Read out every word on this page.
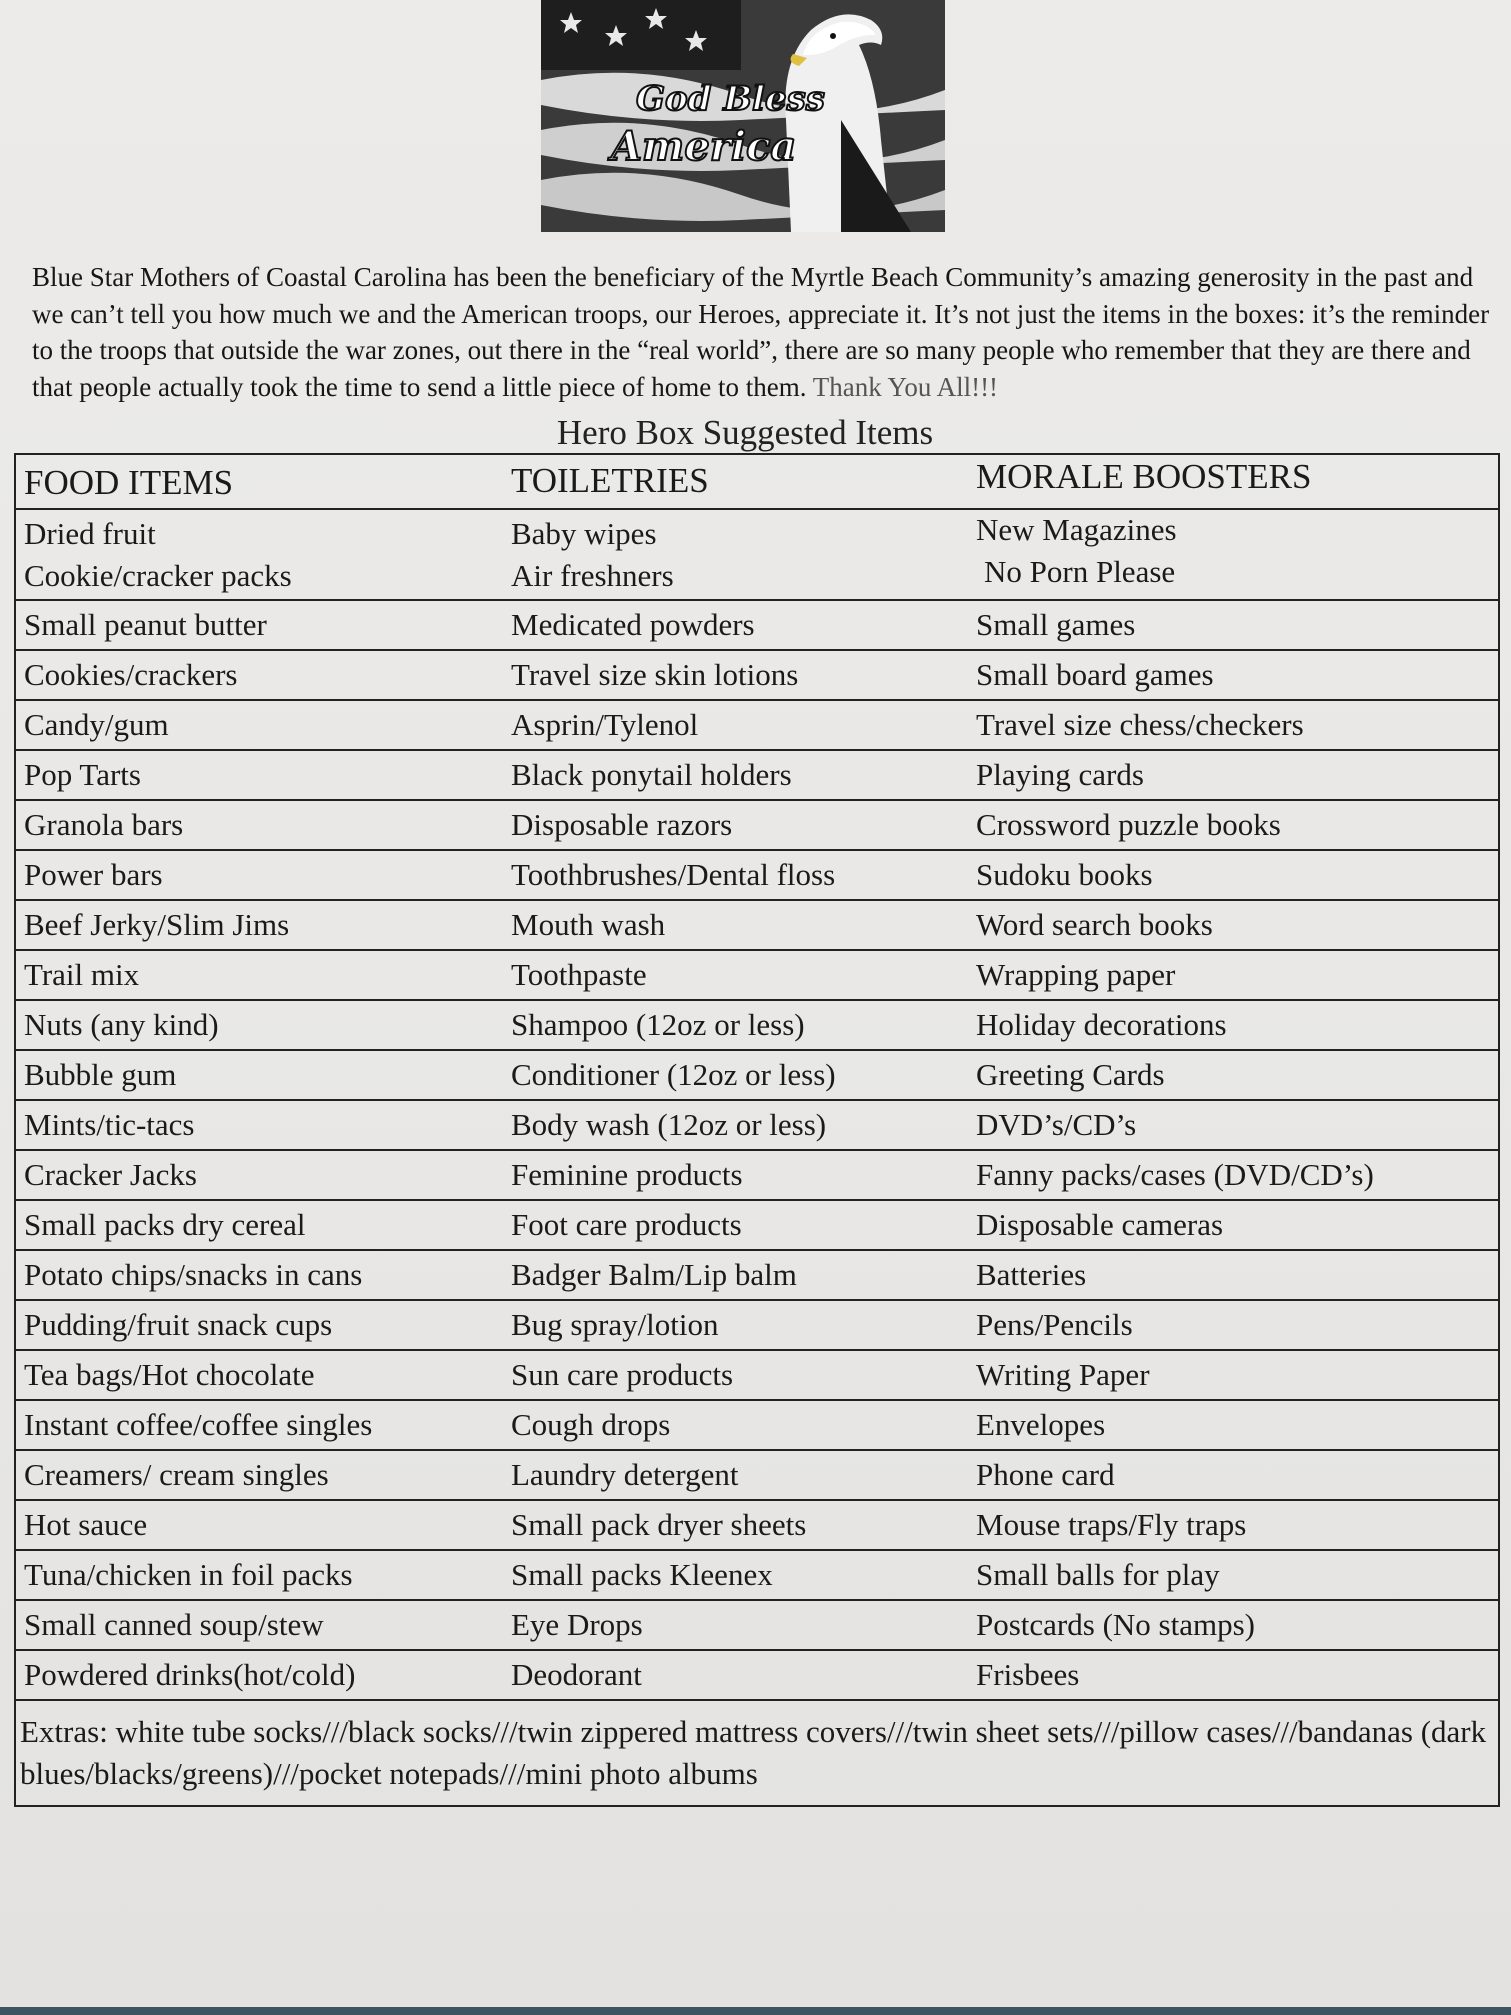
God Bless
America

Blue Star Mothers of Coastal Carolina has been the beneficiary of the Myrtle Beach Community’s amazing generosity in the past and we can’t tell you how much we and the American troops, our Heroes, appreciate it. It’s not just the items in the boxes: it’s the reminder to the troops that outside the war zones, out there in the “real world”, there are so many people who remember that they are there and that people actually took the time to send a little piece of home to them. Thank You All!!!

Hero Box Suggested Items
FOOD ITEMS	TOILETRIES	MORALE BOOSTERS
Dried fruit	Baby wipes	New Magazines
Cookie/cracker packs	Air freshners	No Porn Please
Small peanut butter	Medicated powders	Small games
Cookies/crackers	Travel size skin lotions	Small board games
Candy/gum	Asprin/Tylenol	Travel size chess/checkers
Pop Tarts	Black ponytail holders	Playing cards
Granola bars	Disposable razors	Crossword puzzle books
Power bars	Toothbrushes/Dental floss	Sudoku books
Beef Jerky/Slim Jims	Mouth wash	Word search books
Trail mix	Toothpaste	Wrapping paper
Nuts (any kind)	Shampoo (12oz or less)	Holiday decorations
Bubble gum	Conditioner (12oz or less)	Greeting Cards
Mints/tic-tacs	Body wash (12oz or less)	DVD’s/CD’s
Cracker Jacks	Feminine products	Fanny packs/cases (DVD/CD’s)
Small packs dry cereal	Foot care products	Disposable cameras
Potato chips/snacks in cans	Badger Balm/Lip balm	Batteries
Pudding/fruit snack cups	Bug spray/lotion	Pens/Pencils
Tea bags/Hot chocolate	Sun care products	Writing Paper
Instant coffee/coffee singles	Cough drops	Envelopes
Creamers/ cream singles	Laundry detergent	Phone card
Hot sauce	Small pack dryer sheets	Mouse traps/Fly traps
Tuna/chicken in foil packs	Small packs Kleenex	Small balls for play
Small canned soup/stew	Eye Drops	Postcards (No stamps)
Powdered drinks(hot/cold)	Deodorant	Frisbees
Extras: white tube socks///black socks///twin zippered mattress covers///twin sheet sets///pillow cases///bandanas (dark blues/blacks/greens)///pocket notepads///mini photo albums
